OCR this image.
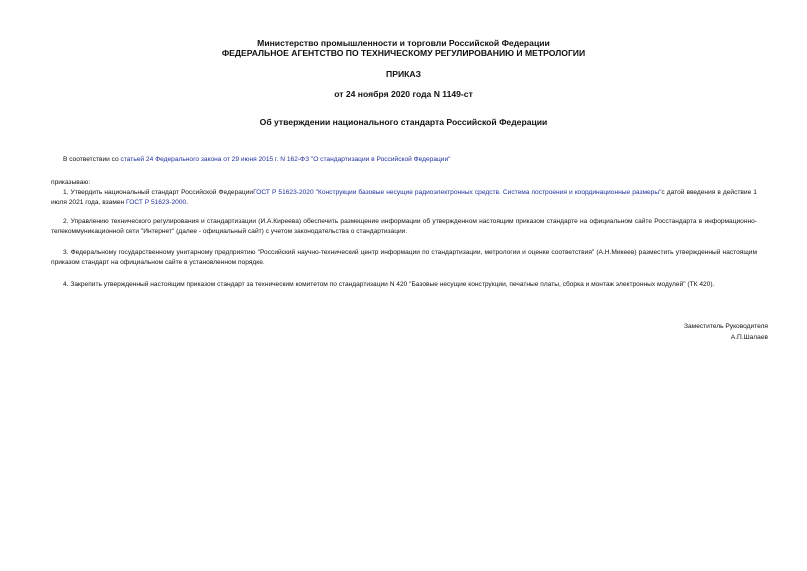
Министерство промышленности и торговли Российской Федерации
ФЕДЕРАЛЬНОЕ АГЕНТСТВО ПО ТЕХНИЧЕСКОМУ РЕГУЛИРОВАНИЮ И МЕТРОЛОГИИ
ПРИКАЗ
от 24 ноября 2020 года N 1149-ст
Об утверждении национального стандарта Российской Федерации
В соответствии со статьей 24 Федерального закона от 29 июня 2015 г. N 162-ФЗ "О стандартизации в Российской Федерации"
приказываю:
1. Утвердить национальный стандарт Российской ФедерацииГОСТ Р 51623-2020 "Конструкции базовые несущие радиоэлектронных средств. Система построения и координационные размеры"с датой введения в действие 1 июля 2021 года, взамен ГОСТ Р 51623-2000.
2. Управлению технического регулирования и стандартизации (И.А.Киреева) обеспечить размещение информации об утвержденном настоящим приказом стандарте на официальном сайте Росстандарта в информационно-телекоммуникационной сети "Интернет" (далее - официальный сайт) с учетом законодательства о стандартизации.
3. Федеральному государственному унитарному предприятию "Российский научно-технический центр информации по стандартизации, метрологии и оценке соответствия" (А.Н.Микеев) разместить утвержденный настоящим приказом стандарт на официальном сайте в установленном порядке.
4. Закрепить утвержденный настоящим приказом стандарт за техническим комитетом по стандартизации N 420 "Базовые несущие конструкции, печатные платы, сборка и монтаж электронных модулей" (ТК 420).
Заместитель Руководителя
А.П.Шалаев
